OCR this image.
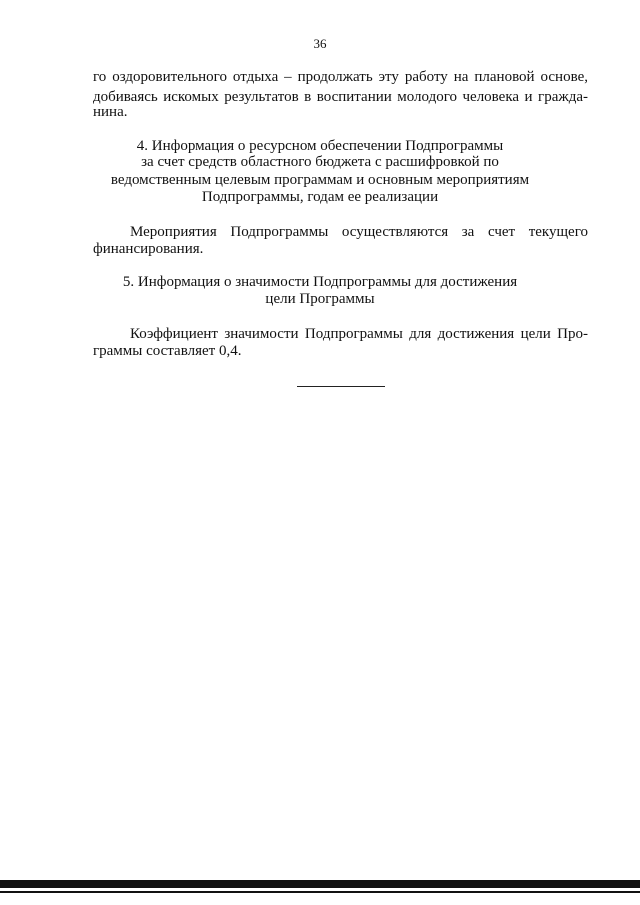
36
го оздоровительного отдыха – продолжать эту работу на плановой основе,
добиваясь искомых результатов в воспитании молодого человека и гражда-
нина.
4. Информация о ресурсном обеспечении Подпрограммы
за счет средств областного бюджета с расшифровкой по
ведомственным целевым программам и основным мероприятиям
Подпрограммы, годам ее реализации
Мероприятия Подпрограммы осуществляются за счет текущего
финансирования.
5. Информация о значимости Подпрограммы для достижения
цели Программы
Коэффициент значимости Подпрограммы для достижения цели Про-
граммы составляет 0,4.
